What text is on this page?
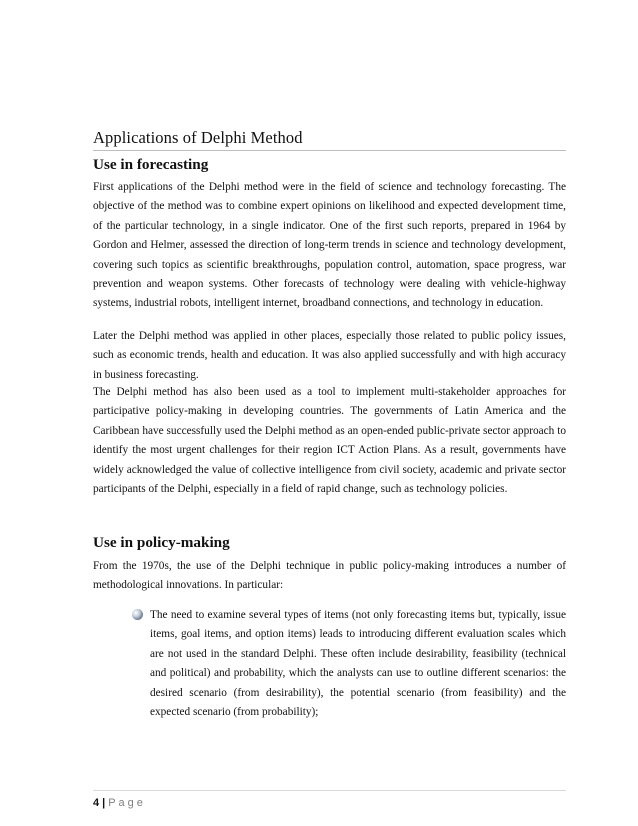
Applications of Delphi Method
Use in forecasting

First applications of the Delphi method were in the field of science and technology forecasting. The objective of the method was to combine expert opinions on likelihood and expected development time, of the particular technology, in a single indicator. One of the first such reports, prepared in 1964 by Gordon and Helmer, assessed the direction of long-term trends in science and technology development, covering such topics as scientific breakthroughs, population control, automation, space progress, war prevention and weapon systems. Other forecasts of technology were dealing with vehicle-highway systems, industrial robots, intelligent internet, broadband connections, and technology in education.

Later the Delphi method was applied in other places, especially those related to public policy issues, such as economic trends, health and education. It was also applied successfully and with high accuracy in business forecasting.

The Delphi method has also been used as a tool to implement multi-stakeholder approaches for participative policy-making in developing countries. The governments of Latin America and the Caribbean have successfully used the Delphi method as an open-ended public-private sector approach to identify the most urgent challenges for their region ICT Action Plans. As a result, governments have widely acknowledged the value of collective intelligence from civil society, academic and private sector participants of the Delphi, especially in a field of rapid change, such as technology policies.

Use in policy-making

From the 1970s, the use of the Delphi technique in public policy-making introduces a number of methodological innovations. In particular:

The need to examine several types of items (not only forecasting items but, typically, issue items, goal items, and option items) leads to introducing different evaluation scales which are not used in the standard Delphi. These often include desirability, feasibility (technical and political) and probability, which the analysts can use to outline different scenarios: the desired scenario (from desirability), the potential scenario (from feasibility) and the expected scenario (from probability);

4 | Page
